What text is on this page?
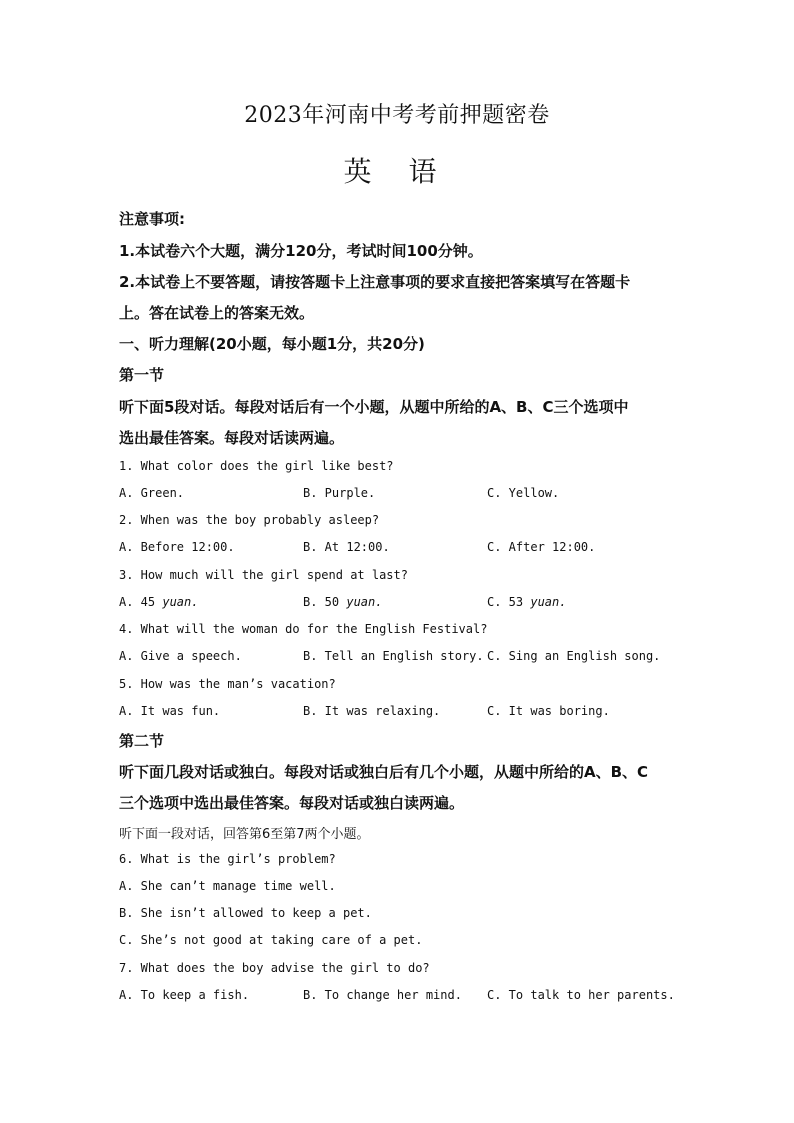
2023年河南中考考前押题密卷
英 语
注意事项:
1.本试卷六个大题，满分120分，考试时间100分钟。
2.本试卷上不要答题，请按答题卡上注意事项的要求直接把答案填写在答题卡
上。答在试卷上的答案无效。
一、听力理解(20小题，每小题1分，共20分)
第一节
听下面5段对话。每段对话后有一个小题，从题中所给的A、B、C三个选项中
选出最佳答案。每段对话读两遍。
1. What color does the girl like best?
A. Green.	B. Purple.	C. Yellow.
2. When was the boy probably asleep?
A. Before 12:00.	B. At 12:00.	C. After 12:00.
3. How much will the girl spend at last?
A. 45 yuan.	B. 50 yuan.	C. 53 yuan.
4. What will the woman do for the English Festival?
A. Give a speech.	B. Tell an English story. C. Sing an English song.
5. How was the man’s vacation?
A. It was fun.	B. It was relaxing.	C. It was boring.
第二节
听下面几段对话或独白。每段对话或独白后有几个小题，从题中所给的A、B、C
三个选项中选出最佳答案。每段对话或独白读两遍。
听下面一段对话，回答第6至第7两个小题。
6. What is the girl’s problem?
A. She can’t manage time well.
B. She isn’t allowed to keep a pet.
C. She’s not good at taking care of a pet.
7. What does the boy advise the girl to do?
A. To keep a fish.	B. To change her mind. C. To talk to her parents.
